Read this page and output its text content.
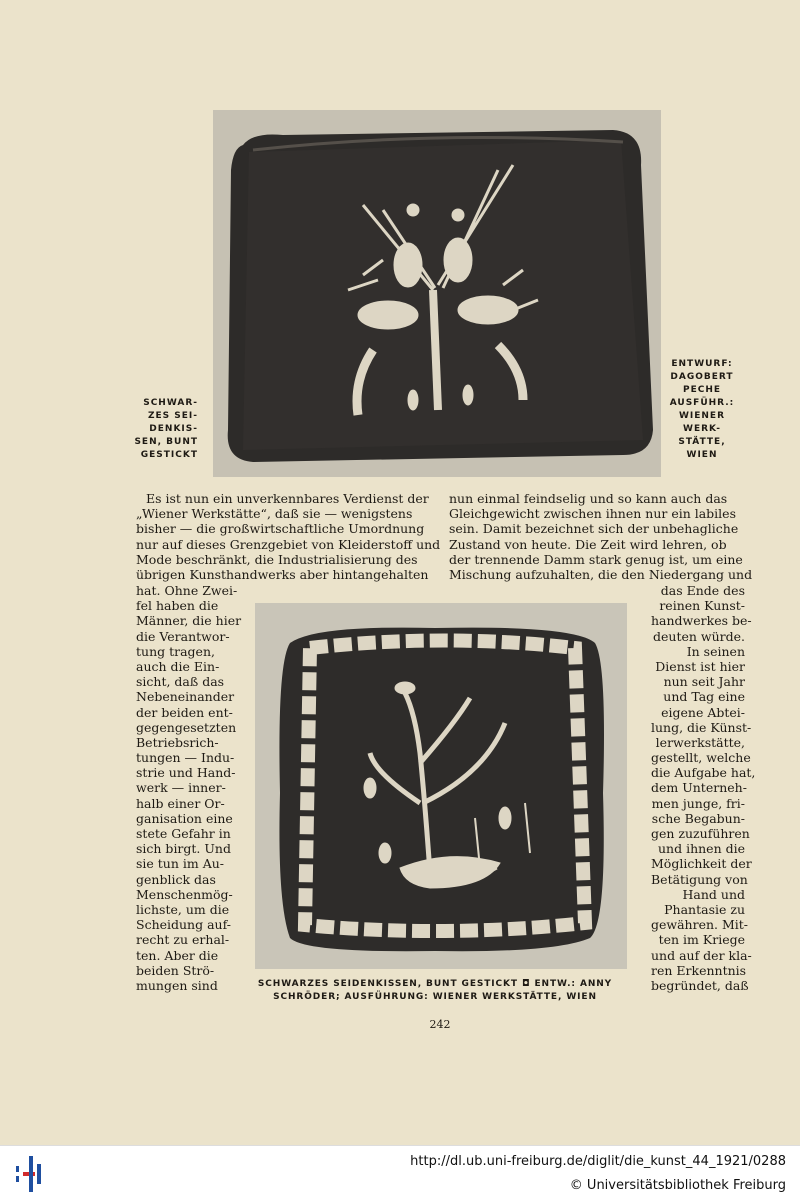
SCHWAR-
ZES SEI-
DENKIS-
SEN, BUNT
GESTICKT
ENTWURF:
DAGOBERT
PECHE
AUSFÜHR.:
WIENER
WERK-
STÄTTE,
WIEN
Es ist nun ein unverkennbares Verdienst der
„Wiener Werkstätte“, daß sie — wenigstens
bisher — die großwirtschaftliche Umordnung
nur auf dieses Grenzgebiet von Kleiderstoff und
Mode beschränkt, die Industrialisierung des
übrigen Kunsthandwerks aber hintangehalten
nun einmal feindselig und so kann auch das
Gleichgewicht zwischen ihnen nur ein labiles
sein. Damit bezeichnet sich der unbehagliche
Zustand von heute. Die Zeit wird lehren, ob
der trennende Damm stark genug ist, um eine
Mischung aufzuhalten, die den Niedergang und
hat. Ohne Zwei-
fel haben die
Männer, die hier
die Verantwor-
tung tragen,
auch die Ein-
sicht, daß das
Nebeneinander
der beiden ent-
gegengesetzten
Betriebsrich-
tungen — Indu-
strie und Hand-
werk — inner-
halb einer Or-
ganisation eine
stete Gefahr in
sich birgt. Und
sie tun im Au-
genblick das
Menschenmög-
lichste, um die
Scheidung auf-
recht zu erhal-
ten. Aber die
beiden Strö-
mungen sind
das Ende des
reinen Kunst-
handwerkes be-
deuten würde.
In seinen
Dienst ist hier
nun seit Jahr
und Tag eine
eigene Abtei-
lung, die Künst-
lerwerkstätte,
gestellt, welche
die Aufgabe hat,
dem Unterneh-
men junge, fri-
sche Begabun-
gen zuzuführen
und ihnen die
Möglichkeit der
Betätigung von
Hand und
Phantasie zu
gewähren. Mit-
ten im Kriege
und auf der kla-
ren Erkenntnis
begründet, daß
SCHWARZES SEIDENKISSEN, BUNT GESTICKT ◘ ENTW.: ANNY
SCHRÖDER; AUSFÜHRUNG: WIENER WERKSTÄTTE, WIEN
242
http://dl.ub.uni-freiburg.de/diglit/die_kunst_44_1921/0288
© Universitätsbibliothek Freiburg
